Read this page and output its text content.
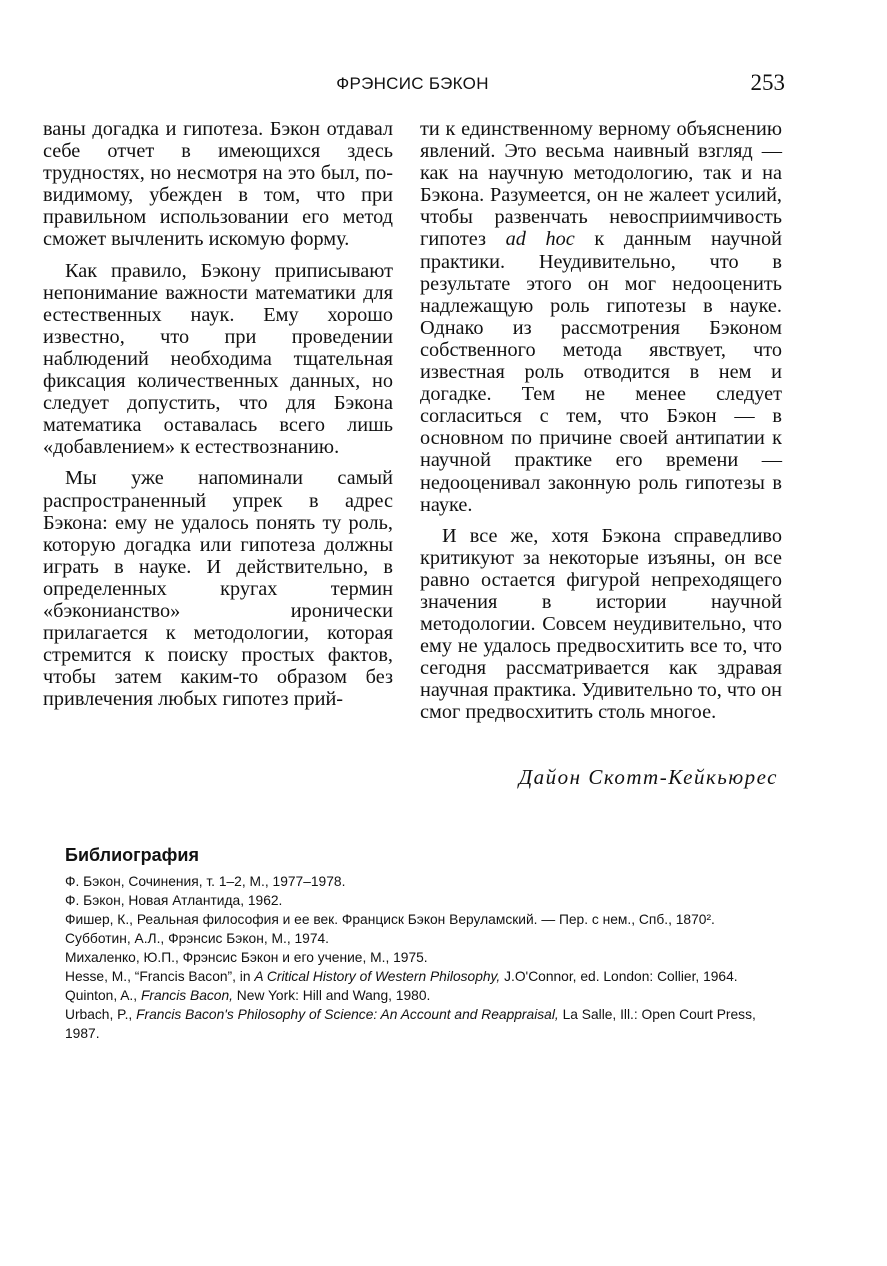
ФРЭНСИС БЭКОН	253

ваны догадка и гипотеза. Бэкон отдавал себе отчет в имеющихся здесь трудностях, но несмотря на это был, по-видимому, убежден в том, что при правильном использовании его метод сможет вычленить искомую форму.

Как правило, Бэкону приписывают непонимание важности математики для естественных наук. Ему хорошо известно, что при проведении наблюдений необходима тщательная фиксация количественных данных, но следует допустить, что для Бэкона математика оставалась всего лишь «добавлением» к естествознанию.

Мы уже напоминали самый распространенный упрек в адрес Бэкона: ему не удалось понять ту роль, которую догадка или гипотеза должны играть в науке. И действительно, в определенных кругах термин «бэконианство» иронически прилагается к методологии, которая стремится к поиску простых фактов, чтобы затем каким-то образом без привлечения любых гипотез прий-

ти к единственному верному объяснению явлений. Это весьма наивный взгляд — как на научную методологию, так и на Бэкона. Разумеется, он не жалеет усилий, чтобы развенчать невосприимчивость гипотез ad hoc к данным научной практики. Неудивительно, что в результате этого он мог недооценить надлежащую роль гипотезы в науке. Однако из рассмотрения Бэконом собственного метода явствует, что известная роль отводится в нем и догадке. Тем не менее следует согласиться с тем, что Бэкон — в основном по причине своей антипатии к научной практике его времени — недооценивал законную роль гипотезы в науке.

И все же, хотя Бэкона справедливо критикуют за некоторые изъяны, он все равно остается фигурой непреходящего значения в истории научной методологии. Совсем неудивительно, что ему не удалось предвосхитить все то, что сегодня рассматривается как здравая научная практика. Удивительно то, что он смог предвосхитить столь многое.

Дайон Скотт-Кейкьюрес
Библиография
Ф. Бэкон, Сочинения, т. 1–2, М., 1977–1978.
Ф. Бэкон, Новая Атлантида, 1962.
Фишер, К., Реальная философия и ее век. Франциск Бэкон Веруламский. — Пер. с нем., Спб., 1870².
Субботин, А.Л., Фрэнсис Бэкон, М., 1974.
Михаленко, Ю.П., Фрэнсис Бэкон и его учение, М., 1975.
Hesse, M., “Francis Bacon”, in A Critical History of Western Philosophy, J.O'Connor, ed. London: Collier, 1964.
Quinton, A., Francis Bacon, New York: Hill and Wang, 1980.
Urbach, P., Francis Bacon's Philosophy of Science: An Account and Reappraisal, La Salle, Ill.: Open Court Press, 1987.
